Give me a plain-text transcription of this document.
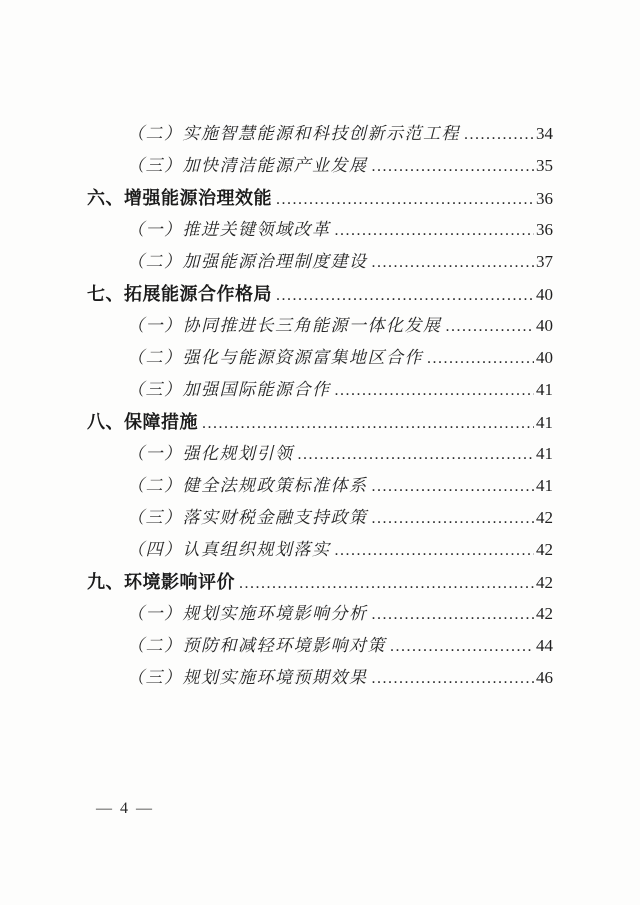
（二）实施智慧能源和科技创新示范工程 .....	34
（三）加快清洁能源产业发展 .....	35
六、增强能源治理效能 .....	36
（一）推进关键领域改革 .....	36
（二）加强能源治理制度建设 .....	37
七、拓展能源合作格局 .....	40
（一）协同推进长三角能源一体化发展 .....	40
（二）强化与能源资源富集地区合作 .....	40
（三）加强国际能源合作 .....	41
八、保障措施 .....	41
（一）强化规划引领 .....	41
（二）健全法规政策标准体系 .....	41
（三）落实财税金融支持政策 .....	42
（四）认真组织规划落实 .....	42
九、环境影响评价 .....	42
（一）规划实施环境影响分析 .....	42
（二）预防和减轻环境影响对策 .....	44
（三）规划实施环境预期效果 .....	46
— 4 —
